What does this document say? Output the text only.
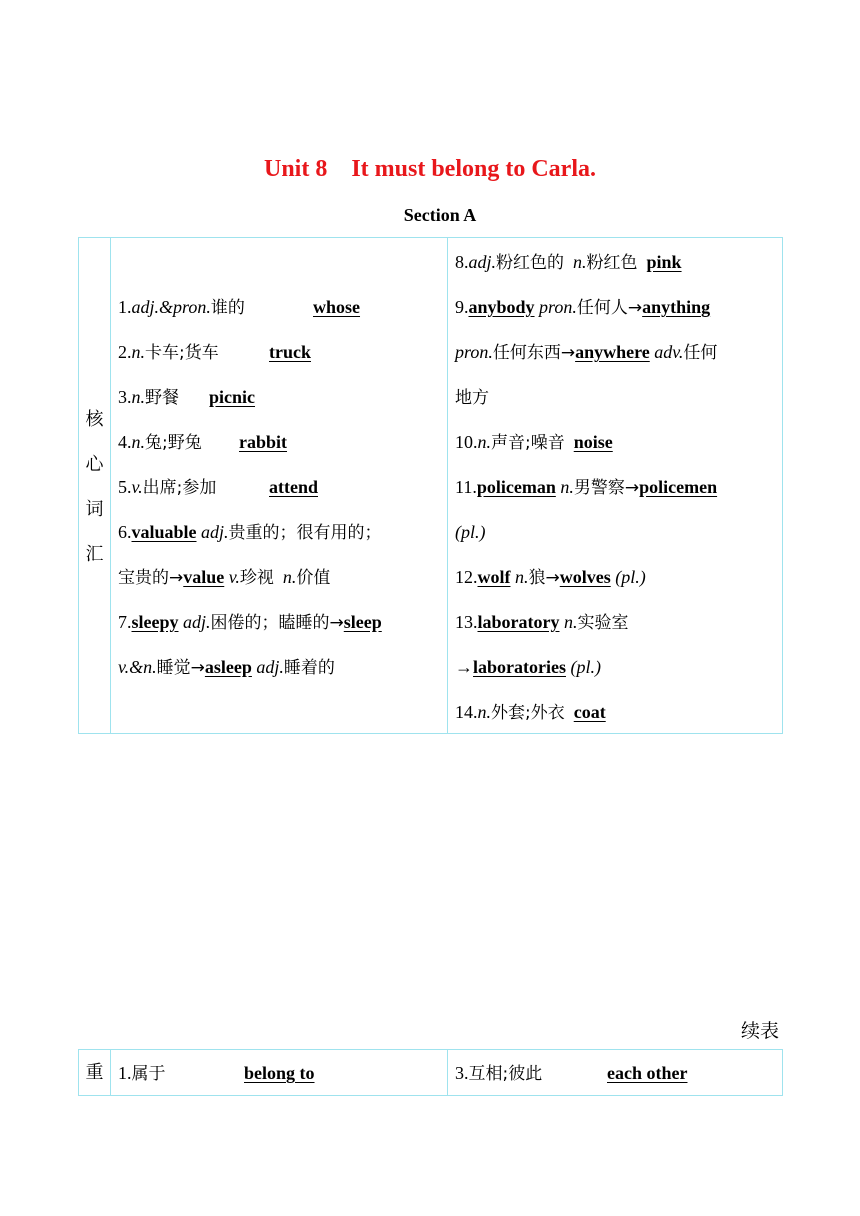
Unit 8    It must belong to Carla.
Section A
核
心
词
汇
1.adj.&pron.谁的	whose
2.n.卡车;货车	truck
3.n.野餐 picnic
4.n.兔;野兔 rabbit
5.v.出席;参加	attend
6.valuable adj.贵重的；很有用的；
宝贵的→value v.珍视 n.价值
7.sleepy adj.困倦的；瞌睡的→sleep
v.&n.睡觉→asleep adj.睡着的
8.adj.粉红色的 n.粉红色 pink
9.anybody pron.任何人→anything
pron.任何东西→anywhere adv.任何
地方
10.n.声音;噪音 noise
11.policeman n.男警察→policemen
(pl.)
12.wolf n.狼→wolves (pl.)
13.laboratory n.实验室
→laboratories (pl.)
14.n.外套;外衣 coat
续表
重 1.属于	belong to	3.互相;彼此	each other
